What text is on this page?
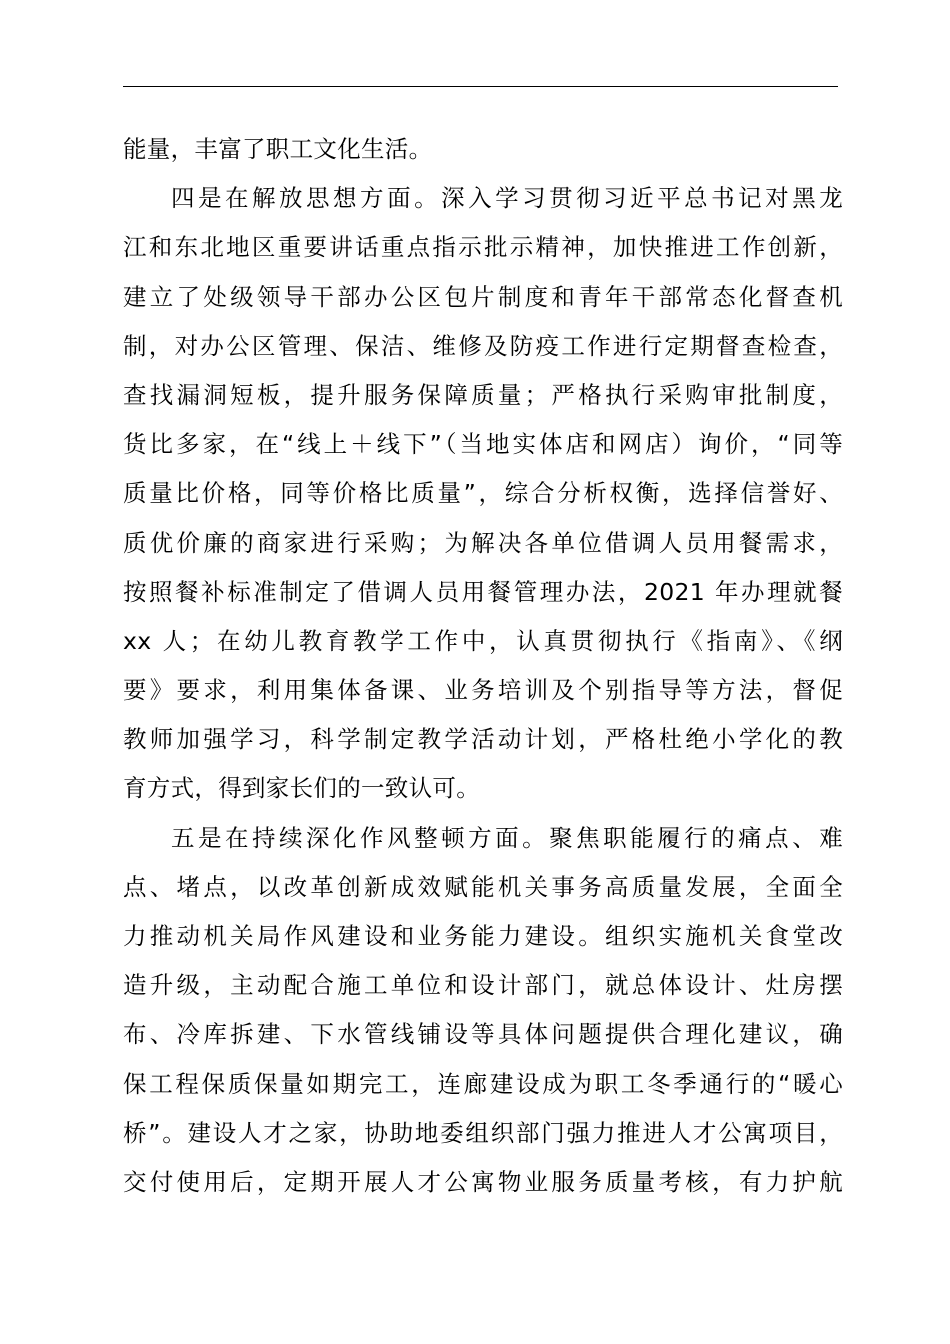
能量，丰富了职工文化生活。
四是在解放思想方面。深入学习贯彻习近平总书记对黑龙
江和东北地区重要讲话重点指示批示精神，加快推进工作创新，
建立了处级领导干部办公区包片制度和青年干部常态化督查机
制，对办公区管理、保洁、维修及防疫工作进行定期督查检查，
查找漏洞短板，提升服务保障质量；严格执行采购审批制度，
货比多家，在“线上＋线下”（当地实体店和网店）询价，“同等
质量比价格，同等价格比质量”，综合分析权衡，选择信誉好、
质优价廉的商家进行采购；为解决各单位借调人员用餐需求，
按照餐补标准制定了借调人员用餐管理办法，2021 年办理就餐
xx 人；在幼儿教育教学工作中，认真贯彻执行《指南》、《纲
要》要求，利用集体备课、业务培训及个别指导等方法，督促
教师加强学习，科学制定教学活动计划，严格杜绝小学化的教
育方式，得到家长们的一致认可。
五是在持续深化作风整顿方面。聚焦职能履行的痛点、难
点、堵点，以改革创新成效赋能机关事务高质量发展，全面全
力推动机关局作风建设和业务能力建设。组织实施机关食堂改
造升级，主动配合施工单位和设计部门，就总体设计、灶房摆
布、冷库拆建、下水管线铺设等具体问题提供合理化建议，确
保工程保质保量如期完工，连廊建设成为职工冬季通行的“暖心
桥”。建设人才之家，协助地委组织部门强力推进人才公寓项目，
交付使用后，定期开展人才公寓物业服务质量考核，有力护航
